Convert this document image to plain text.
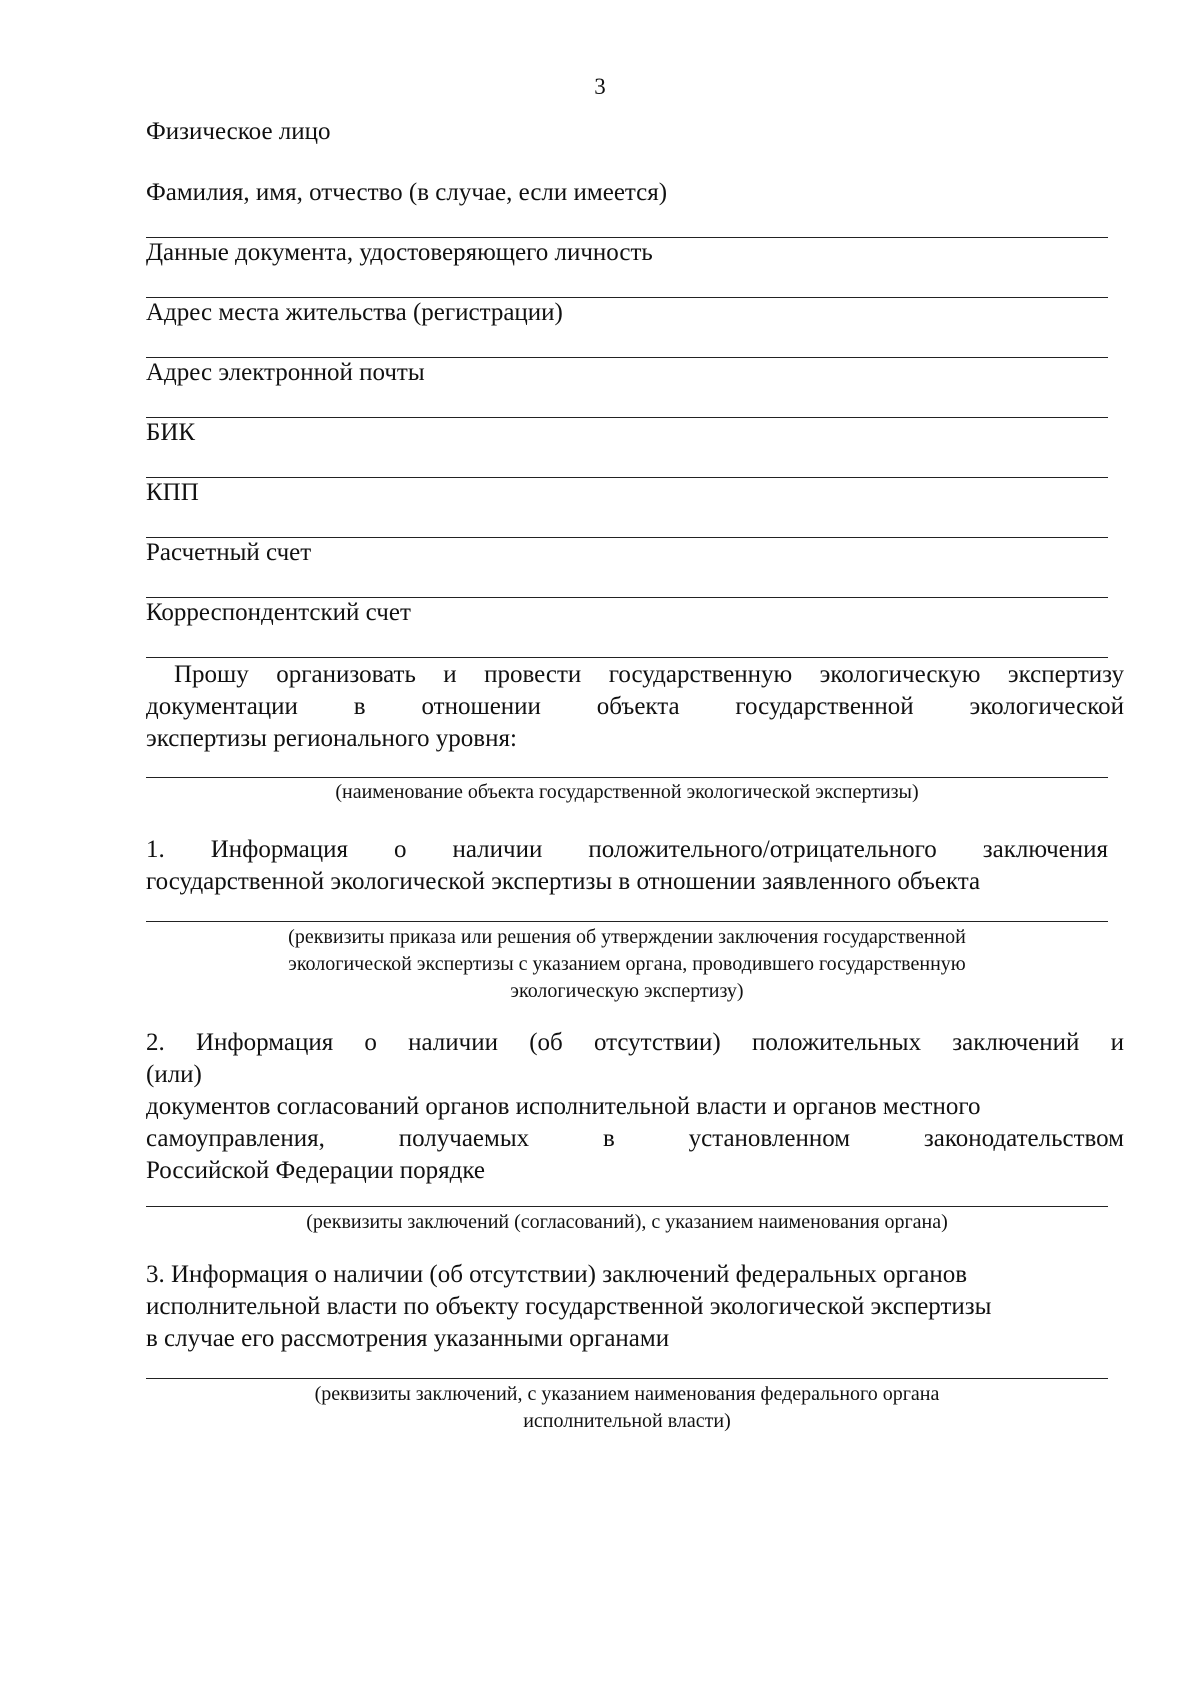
3
Физическое лицо
Фамилия, имя, отчество (в случае, если имеется)
Данные документа, удостоверяющего личность
Адрес места жительства (регистрации)
Адрес электронной почты
БИК
КПП
Расчетный счет
Корреспондентский счет
Прошу организовать и провести государственную экологическую экспертизу
документации в отношении объекта государственной экологической
экспертизы регионального уровня:
(наименование объекта государственной экологической экспертизы)
1. Информация о наличии положительного/отрицательного заключения
государственной экологической экспертизы в отношении заявленного объекта
(реквизиты приказа или решения об утверждении заключения государственной
экологической экспертизы с указанием органа, проводившего государственную
экологическую экспертизу)
2. Информация о наличии (об отсутствии) положительных заключений и
(или)
документов согласований органов исполнительной власти и органов местного
самоуправления, получаемых в установленном законодательством
Российской Федерации порядке
(реквизиты заключений (согласований), с указанием наименования органа)
3. Информация о наличии (об отсутствии) заключений федеральных органов
исполнительной власти по объекту государственной экологической экспертизы
в случае его рассмотрения указанными органами
(реквизиты заключений, с указанием наименования федерального органа
исполнительной власти)
